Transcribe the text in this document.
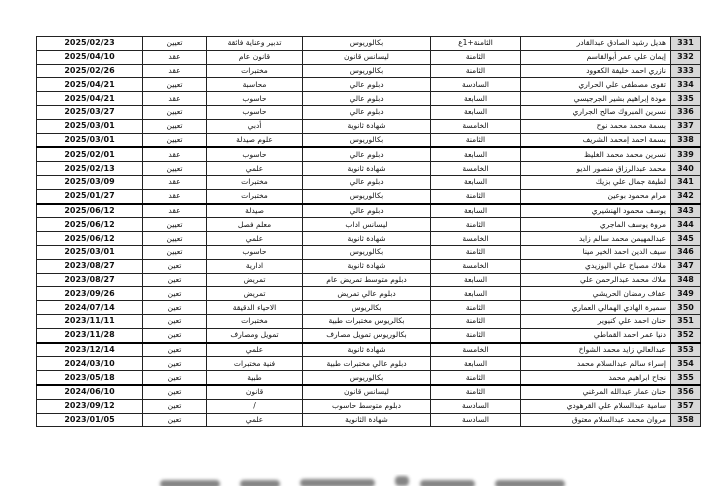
2025/02/23	تعيين	تدبير وعناية فائقة	بكالوريوس	الثامنة+1ع	هديل رشيد الصادق عبدالقادر	331
2025/04/10	عقد	قانون عام	ليسانس قانون	الثامنة	إيمان علي عمر أبوالقاسم	332
2025/02/26	عقد	مختبرات	بكالوريوس	الثامنة	نازري احمد خليفة الكعوود	333
2025/04/21	تعيين	محاسبة	دبلوم عالي	السادسة	تقوى مصطفى علي الحراري	334
2025/04/21	عقد	حاسوب	دبلوم عالي	السابعة	مودة إبراهيم بشير الجرجيسي	335
2025/03/27	تعيين	حاسوب	دبلوم عالي	السابعة	نسرين المبروك صالح الجراري	336
2025/03/01	تعيين	أدبي	شهادة ثانوية	الخامسة	بسمة محمد محمد نوح	337
2025/03/01	تعيين	علوم صيدلة	بكالوريوس	الثامنة	بسمة احمد إمحمد الشريف	338
2025/02/01	عقد	حاسوب	دبلوم عالي	السابعة	نسرين محمد محمد الغليظ	339
2025/02/13	تعيين	علمي	شهادة ثانوية	الخامسة	محمد عبدالرزاق منصور الديو	340
2025/03/09	عقد	مختبرات	دبلوم عالي	السابعة	لطيفة جمال علي بزيك	341
2025/01/27	عقد	مختبرات	بكالوريوس	الثامنة	مرام محمود بوعين	342
2025/06/12	عقد	صيدلة	دبلوم عالي	السابعة	يوسف محمود الهنشيري	343
2025/06/12	تعيين	معلم فصل	ليسانس اداب	الثامنة	مروة يوسف الماجري	344
2025/06/12	تعيين	علمي	شهادة ثانوية	الخامسة	عبدالمهيمن محمد سالم زايد	345
2025/03/01	تعيين	حاسوب	بكالوريوس	الثامنة	سيف الدين احمد الخير مينا	346
2023/08/27	تعين	ادارية	شهادة ثانوية	الخامسة	ملاك مصباح علي البوزيدي	347
2023/08/27	تعين	تمريض	دبلوم متوسط تمريض عام	السابعة	ملاك محمد عبدالرحمن علي	348
2023/09/26	تعين	تمريض	دبلوم عالي تمريض	السابعة	عفاف رمضان الحريشي	349
2024/07/14	تعين	الاحياء الدقيقة	بكالريوس	الثامنة	سميرة الهادي الهمالي العماري	350
2023/11/11	تعين	مختبرات	بكالريوس مختبرات طبية	الثامنة	حنان احمد علي كنيوير	351
2023/11/28	تعين	تمويل ومصارف	بكالوريوس تمويل مصارف	الثامنة	دنيا عمر احمد القماطي	352
2023/12/14	تعين	علمي	شهادة ثانوية	الخامسة	عبدالعالي زايد محمد الشواخ	353
2024/03/10	تعين	فنية مختبرات	دبلوم عالي مختبرات طبية	السابعة	إسراء سالم عبدالسلام محمد	354
2023/05/18	تعين	طبية	بكالوريوس	الثامنة	نجاح ابراهيم محمد	355
2024/06/10	تعين	قانون	ليسانس قانون	الثامنة	حنان عمار عبدالله المرغني	356
2023/09/12	تعين	/	دبلوم متوسط حاسوب	السادسة	سامية عبدالسلام علي القرهودي	357
2023/01/05	تعين	علمي	شهادة الثانوية	السادسة	مروان محمد عبدالسلام معتوق	358
